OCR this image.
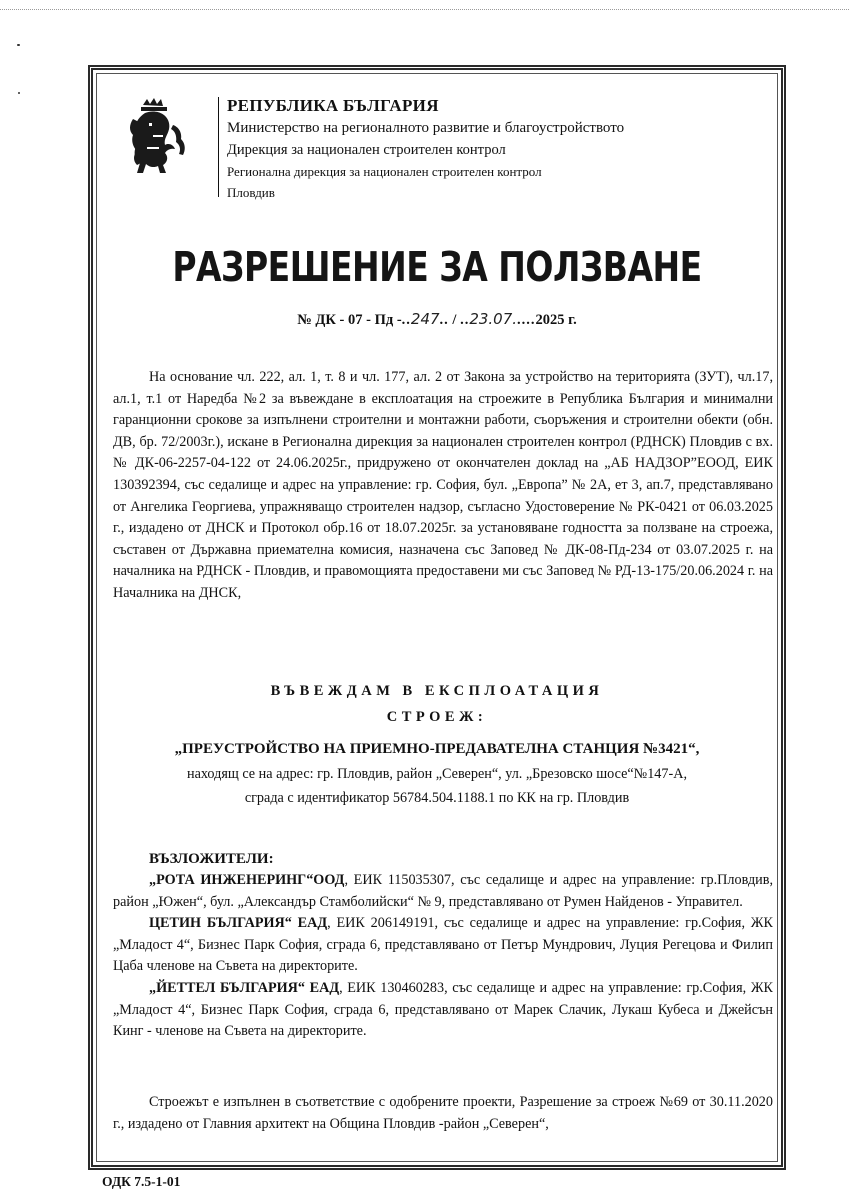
РЕПУБЛИКА БЪЛГАРИЯ
Министерство на регионалното развитие и благоустройството
Дирекция за национален строителен контрол
Регионална дирекция за национален строителен контрол
Пловдив
РАЗРЕШЕНИЕ ЗА ПОЛЗВАНЕ
№ ДК - 07 - Пд -..247.. / ..23.07.....2025 г.

На основание чл. 222, ал. 1, т. 8 и чл. 177, ал. 2 от Закона за устройство на територията (ЗУТ), чл.17, ал.1, т.1 от Наредба №2 за въвеждане в експлоатация на строежите в Република България и минимални гаранционни срокове за изпълнени строителни и монтажни работи, съоръжения и строителни обекти (обн. ДВ, бр. 72/2003г.), искане в Регионална дирекция за национален строителен контрол (РДНСК) Пловдив с вх.№ ДК-06-2257-04-122 от 24.06.2025г., придружено от окончателен доклад на „АБ НАДЗОР”ЕООД, ЕИК 130392394, със седалище и адрес на управление: гр. София, бул. „Европа” № 2А, ет 3, ап.7, представлявано от Ангелика Георгиева, упражняващо строителен надзор, съгласно Удостоверение № РК-0421 от 06.03.2025 г., издадено от ДНСК и Протокол обр.16 от 18.07.2025г. за установяване годността за ползване на строежа, съставен от Държавна приемателна комисия, назначена със Заповед № ДК-08-Пд-234 от 03.07.2025 г. на началника на РДНСК - Пловдив, и правомощията предоставени ми със Заповед № РД-13-175/20.06.2024 г. на Началника на ДНСК,

ВЪВЕЖДАМ В ЕКСПЛОАТАЦИЯ
СТРОЕЖ:
„ПРЕУСТРОЙСТВО НА ПРИЕМНО-ПРЕДАВАТЕЛНА СТАНЦИЯ №3421“,
находящ се на адрес: гр. Пловдив, район „Северен“, ул. „Брезовско шосе“№147-А,
сграда с идентификатор 56784.504.1188.1 по КК на гр. Пловдив
ВЪЗЛОЖИТЕЛИ:

„РОТА ИНЖЕНЕРИНГ“ООД, ЕИК 115035307, със седалище и адрес на управление: гр.Пловдив, район „Южен“, бул. „Александър Стамболийски“ № 9, представлявано от Румен Найденов - Управител.

ЦЕТИН БЪЛГАРИЯ“ ЕАД, ЕИК 206149191, със седалище и адрес на управление: гр.София, ЖК „Младост 4“, Бизнес Парк София, сграда 6, представлявано от Петър Мундрович, Луция Регецова и Филип Цаба членове на Съвета на директорите.

„ЙЕТТЕЛ БЪЛГАРИЯ“ ЕАД, ЕИК 130460283, със седалище и адрес на управление: гр.София, ЖК „Младост 4“, Бизнес Парк София, сграда 6, представлявано от Марек Слачик, Лукаш Кубеса и Джейсън Кинг - членове на Съвета на директорите.

Строежът е изпълнен в съответствие с одобрените проекти, Разрешение за строеж №69 от 30.11.2020 г., издадено от Главния архитект на Община Пловдив -район „Северен“,

ОДК 7.5-1-01
